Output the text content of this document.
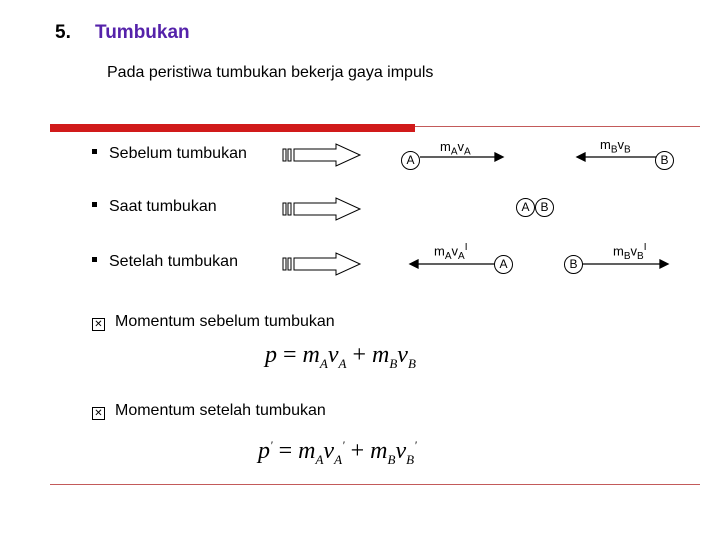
5. Tumbukan
Pada peristiwa tumbukan bekerja gaya impuls
Sebelum tumbukan
Saat tumbukan
Setelah tumbukan
A	B
A B
A	B
$m_Av_A$
$m_Bv_B$
$m_Av_A^I$	$m_Bv_B^I$
✕ Momentum sebelum tumbukan
$p = m_Av_A + m_Bv_B$
✕ Momentum setelah tumbukan
$p' = m_Av_A' + m_Bv_B'$
